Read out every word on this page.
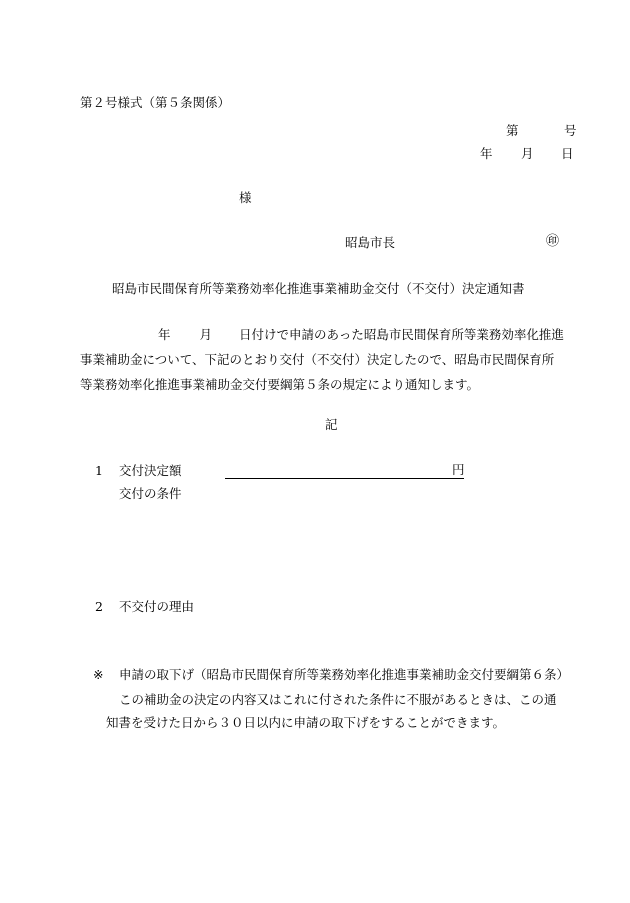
第２号様式（第５条関係）
第	号
年 月 日
様
昭島市長	㊞
昭島市民間保育所等業務効率化推進事業補助金交付（不交付）決定通知書
年 月 日付けで申請のあった昭島市民間保育所等業務効率化推進
事業補助金について、下記のとおり交付（不交付）決定したので、昭島市民間保育所
等業務効率化推進事業補助金交付要綱第５条の規定により通知します。
記
1 交付決定額	円
交付の条件
2 不交付の理由
※ 申請の取下げ（昭島市民間保育所等業務効率化推進事業補助金交付要綱第６条）
この補助金の決定の内容又はこれに付された条件に不服があるときは、この通
知書を受けた日から３０日以内に申請の取下げをすることができます。
